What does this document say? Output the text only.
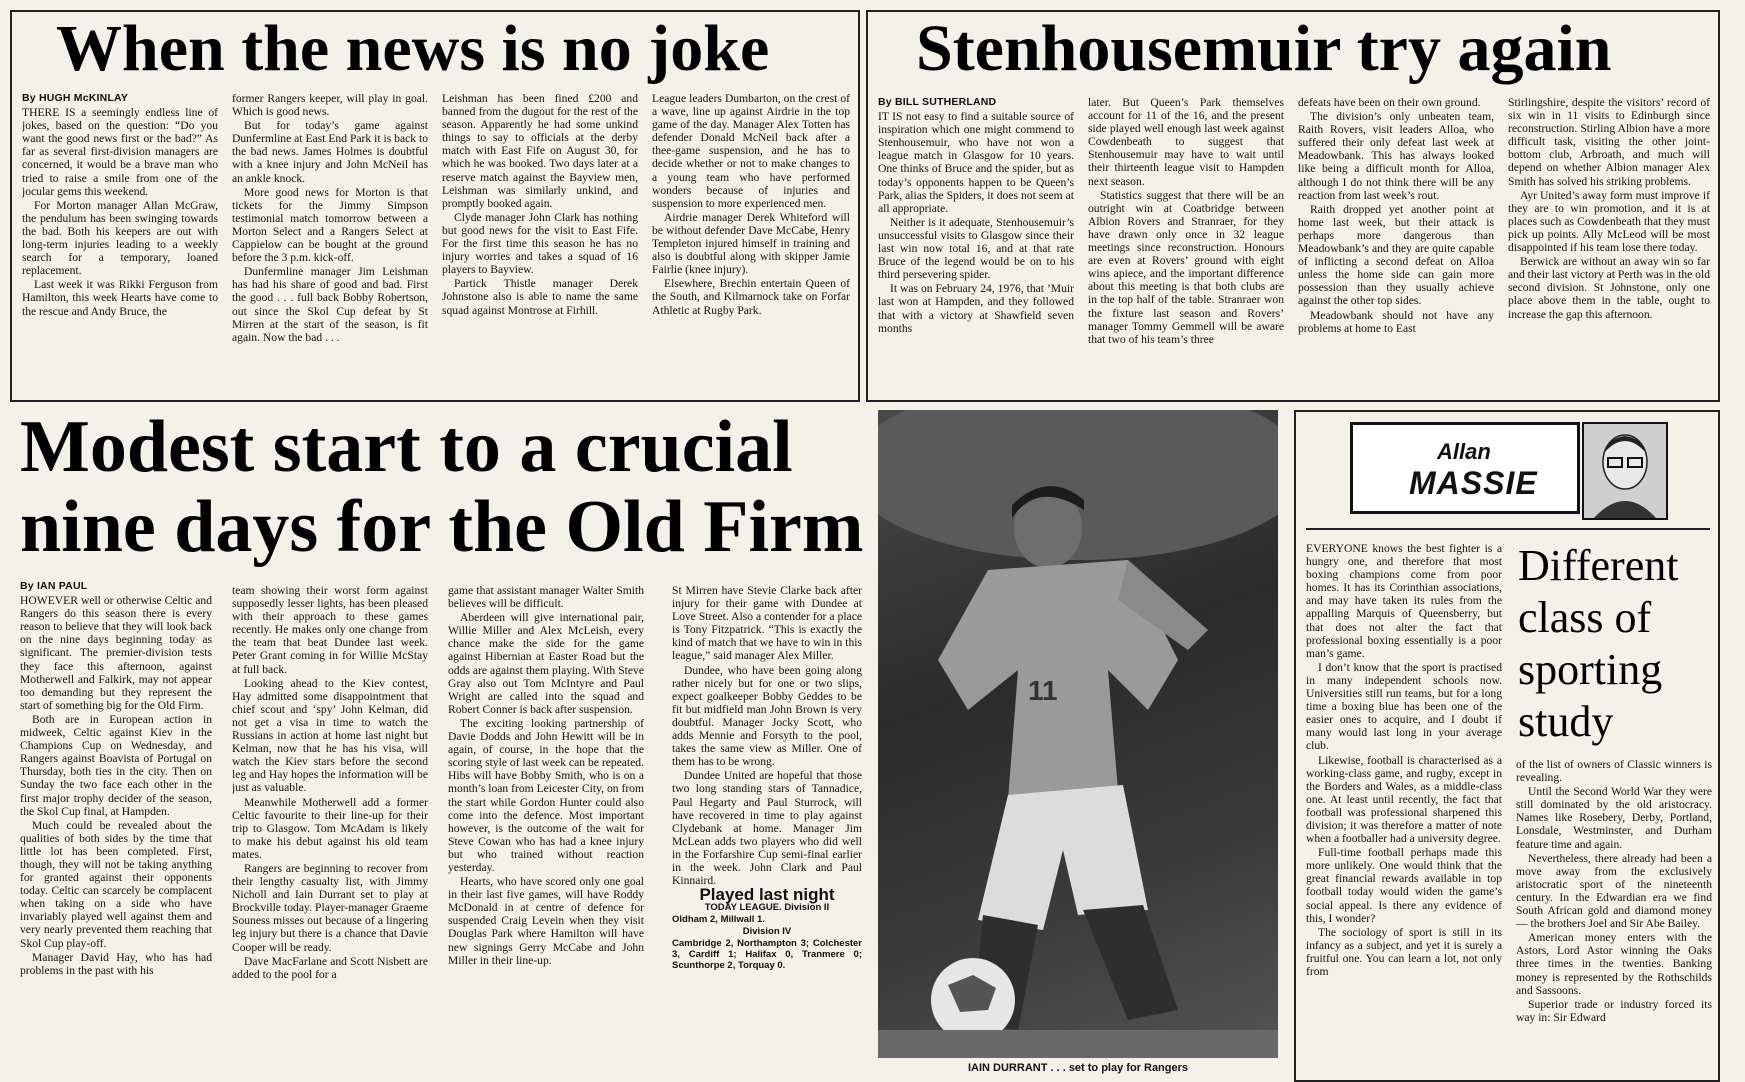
When the news is no joke

By HUGH McKINLAY

THERE IS a seemingly endless line of jokes, based on the question: “Do you want the good news first or the bad?” As far as several first-division managers are concerned, it would be a brave man who tried to raise a smile from one of the jocular gems this weekend.

For Morton manager Allan McGraw, the pendulum has been swinging towards the bad. Both his keepers are out with long-term injuries leading to a weekly search for a temporary, loaned replacement.

Last week it was Rikki Ferguson from Hamilton, this week Hearts have come to the rescue and Andy Bruce, the

former Rangers keeper, will play in goal. Which is good news.

But for today’s game against Dunfermline at East End Park it is back to the bad news. James Holmes is doubtful with a knee injury and John McNeil has an ankle knock.

More good news for Morton is that tickets for the Jimmy Simpson testimonial match tomorrow between a Morton Select and a Rangers Select at Cappielow can be bought at the ground before the 3 p.m. kick-off.

Dunfermline manager Jim Leishman has had his share of good and bad. First the good . . . full back Bobby Robertson, out since the Skol Cup defeat by St Mirren at the start of the season, is fit again. Now the bad . . .

Leishman has been fined £200 and banned from the dugout for the rest of the season. Apparently he had some unkind things to say to officials at the derby match with East Fife on August 30, for which he was booked. Two days later at a reserve match against the Bayview men, Leishman was similarly unkind, and promptly booked again.

Clyde manager John Clark has nothing but good news for the visit to East Fife. For the first time this season he has no injury worries and takes a squad of 16 players to Bayview.

Partick Thistle manager Derek Johnstone also is able to name the same squad against Montrose at Firhill.

League leaders Dumbarton, on the crest of a wave, line up against Airdrie in the top game of the day. Manager Alex Totten has defender Donald McNeil back after a thee-game suspension, and he has to decide whether or not to make changes to a young team who have performed wonders because of injuries and suspension to more experienced men.

Airdrie manager Derek Whiteford will be without defender Dave McCabe, Henry Templeton injured himself in training and also is doubtful along with skipper Jamie Fairlie (knee injury).

Elsewhere, Brechin entertain Queen of the South, and Kilmarnock take on Forfar Athletic at Rugby Park.

Stenhousemuir try again

By BILL SUTHERLAND

IT IS not easy to find a suitable source of inspiration which one might commend to Stenhousemuir, who have not won a league match in Glasgow for 10 years. One thinks of Bruce and the spider, but as today’s opponents happen to be Queen’s Park, alias the Spiders, it does not seem at all appropriate.

Neither is it adequate, Stenhousemuir’s unsuccessful visits to Glasgow since their last win now total 16, and at that rate Bruce of the legend would be on to his third persevering spider.

It was on February 24, 1976, that ’Muir last won at Hampden, and they followed that with a victory at Shawfield seven months

later. But Queen’s Park themselves account for 11 of the 16, and the present side played well enough last week against Cowdenbeath to suggest that Stenhousemuir may have to wait until their thirteenth league visit to Hampden next season.

Statistics suggest that there will be an outright win at Coatbridge between Albion Rovers and Stranraer, for they have drawn only once in 32 league meetings since reconstruction. Honours are even at Rovers’ ground with eight wins apiece, and the important difference about this meeting is that both clubs are in the top half of the table. Stranraer won the fixture last season and Rovers’ manager Tommy Gemmell will be aware that two of his team’s three

defeats have been on their own ground.

The division’s only unbeaten team, Raith Rovers, visit leaders Alloa, who suffered their only defeat last week at Meadowbank. This has always looked like being a difficult month for Alloa, although I do not think there will be any reaction from last week’s rout.

Raith dropped yet another point at home last week, but their attack is perhaps more dangerous than Meadowbank’s and they are quite capable of inflicting a second defeat on Alloa unless the home side can gain more possession than they usually achieve against the other top sides.

Meadowbank should not have any problems at home to East

Stirlingshire, despite the visitors’ record of six win in 11 visits to Edinburgh since reconstruction. Stirling Albion have a more difficult task, visiting the other joint-bottom club, Arbroath, and much will depend on whether Albion manager Alex Smith has solved his striking problems.

Ayr United’s away form must improve if they are to win promotion, and it is at places such as Cowdenbeath that they must pick up points. Ally McLeod will be most disappointed if his team lose there today.

Berwick are without an away win so far and their last victory at Perth was in the old second division. St Johnstone, only one place above them in the table, ought to increase the gap this afternoon.

Modest start to a crucial
nine days for the Old Firm

By IAN PAUL

HOWEVER well or otherwise Celtic and Rangers do this season there is every reason to believe that they will look back on the nine days beginning today as significant. The premier-division tests they face this afternoon, against Motherwell and Falkirk, may not appear too demanding but they represent the start of something big for the Old Firm.

Both are in European action in midweek, Celtic against Kiev in the Champions Cup on Wednesday, and Rangers against Boavista of Portugal on Thursday, both ties in the city. Then on Sunday the two face each other in the first major trophy decider of the season, the Skol Cup final, at Hampden.

Much could be revealed about the qualities of both sides by the time that little lot has been completed. First, though, they will not be taking anything for granted against their opponents today. Celtic can scarcely be complacent when taking on a side who have invariably played well against them and very nearly prevented them reaching that Skol Cup play-off.

Manager David Hay, who has had problems in the past with his

team showing their worst form against supposedly lesser lights, has been pleased with their approach to these games recently. He makes only one change from the team that beat Dundee last week. Peter Grant coming in for Willie McStay at full back.

Looking ahead to the Kiev contest, Hay admitted some disappointment that chief scout and ‘spy’ John Kelman, did not get a visa in time to watch the Russians in action at home last night but Kelman, now that he has his visa, will watch the Kiev stars before the second leg and Hay hopes the information will be just as valuable.

Meanwhile Motherwell add a former Celtic favourite to their line-up for their trip to Glasgow. Tom McAdam is likely to make his debut against his old team mates.

Rangers are beginning to recover from their lengthy casualty list, with Jimmy Nicholl and Iain Durrant set to play at Brockville today. Player-manager Graeme Souness misses out because of a lingering leg injury but there is a chance that Davie Cooper will be ready.

Dave MacFarlane and Scott Nisbett are added to the pool for a

game that assistant manager Walter Smith believes will be difficult.

Aberdeen will give international pair, Willie Miller and Alex McLeish, every chance make the side for the game against Hibernian at Easter Road but the odds are against them playing. With Steve Gray also out Tom McIntyre and Paul Wright are called into the squad and Robert Conner is back after suspension.

The exciting looking partnership of Davie Dodds and John Hewitt will be in again, of course, in the hope that the scoring style of last week can be repeated. Hibs will have Bobby Smith, who is on a month’s loan from Leicester City, on from the start while Gordon Hunter could also come into the defence. Most important however, is the outcome of the wait for Steve Cowan who has had a knee injury but who trained without reaction yesterday.

Hearts, who have scored only one goal in their last five games, will have Roddy McDonald in at centre of defence for suspended Craig Levein when they visit Douglas Park where Hamilton will have new signings Gerry McCabe and John Miller in their line-up.

St Mirren have Stevie Clarke back after injury for their game with Dundee at Love Street. Also a contender for a place is Tony Fitzpatrick. “This is exactly the kind of match that we have to win in this league,” said manager Alex Miller.

Dundee, who have been going along rather nicely but for one or two slips, expect goalkeeper Bobby Geddes to be fit but midfield man John Brown is very doubtful. Manager Jocky Scott, who adds Mennie and Forsyth to the pool, takes the same view as Miller. One of them has to be wrong.

Dundee United are hopeful that those two long standing stars of Tannadice, Paul Hegarty and Paul Sturrock, will have recovered in time to play against Clydebank at home. Manager Jim McLean adds two players who did well in the Forfarshire Cup semi-final earlier in the week. John Clark and Paul Kinnaird.

Played last night

TODAY LEAGUE. Division II

Oldham 2, Millwall 1.

Division IV

Cambridge 2, Northampton 3; Colchester 3, Cardiff 1; Halifax 0, Tranmere 0; Scunthorpe 2, Torquay 0.

11
IAIN DURRANT . . . set to play for Rangers
Allan
MASSIE

EVERYONE knows the best fighter is a hungry one, and therefore that most boxing champions come from poor homes. It has its Corinthian associations, and may have taken its rules from the appalling Marquis of Queensberry, but that does not alter the fact that professional boxing essentially is a poor man’s game.

I don’t know that the sport is practised in many independent schools now. Universities still run teams, but for a long time a boxing blue has been one of the easier ones to acquire, and I doubt if many would last long in your average club.

Likewise, football is characterised as a working-class game, and rugby, except in the Borders and Wales, as a middle-class one. At least until recently, the fact that football was professional sharpened this division; it was therefore a matter of note when a footballer had a university degree.

Full-time football perhaps made this more unlikely. One would think that the great financial rewards available in top football today would widen the game’s social appeal. Is there any evidence of this, I wonder?

The sociology of sport is still in its infancy as a subject, and yet it is surely a fruitful one. You can learn a lot, not only from

Different class of sporting study

of the list of owners of Classic winners is revealing.

Until the Second World War they were still dominated by the old aristocracy. Names like Rosebery, Derby, Portland, Lonsdale, Westminster, and Durham feature time and again.

Nevertheless, there already had been a move away from the exclusively aristocratic sport of the nineteenth century. In the Edwardian era we find South African gold and diamond money — the brothers Joel and Sir Abe Bailey.

American money enters with the Astors, Lord Astor winning the Oaks three times in the twenties. Banking money is represented by the Rothschilds and Sassoons.

Superior trade or industry forced its way in: Sir Edward
